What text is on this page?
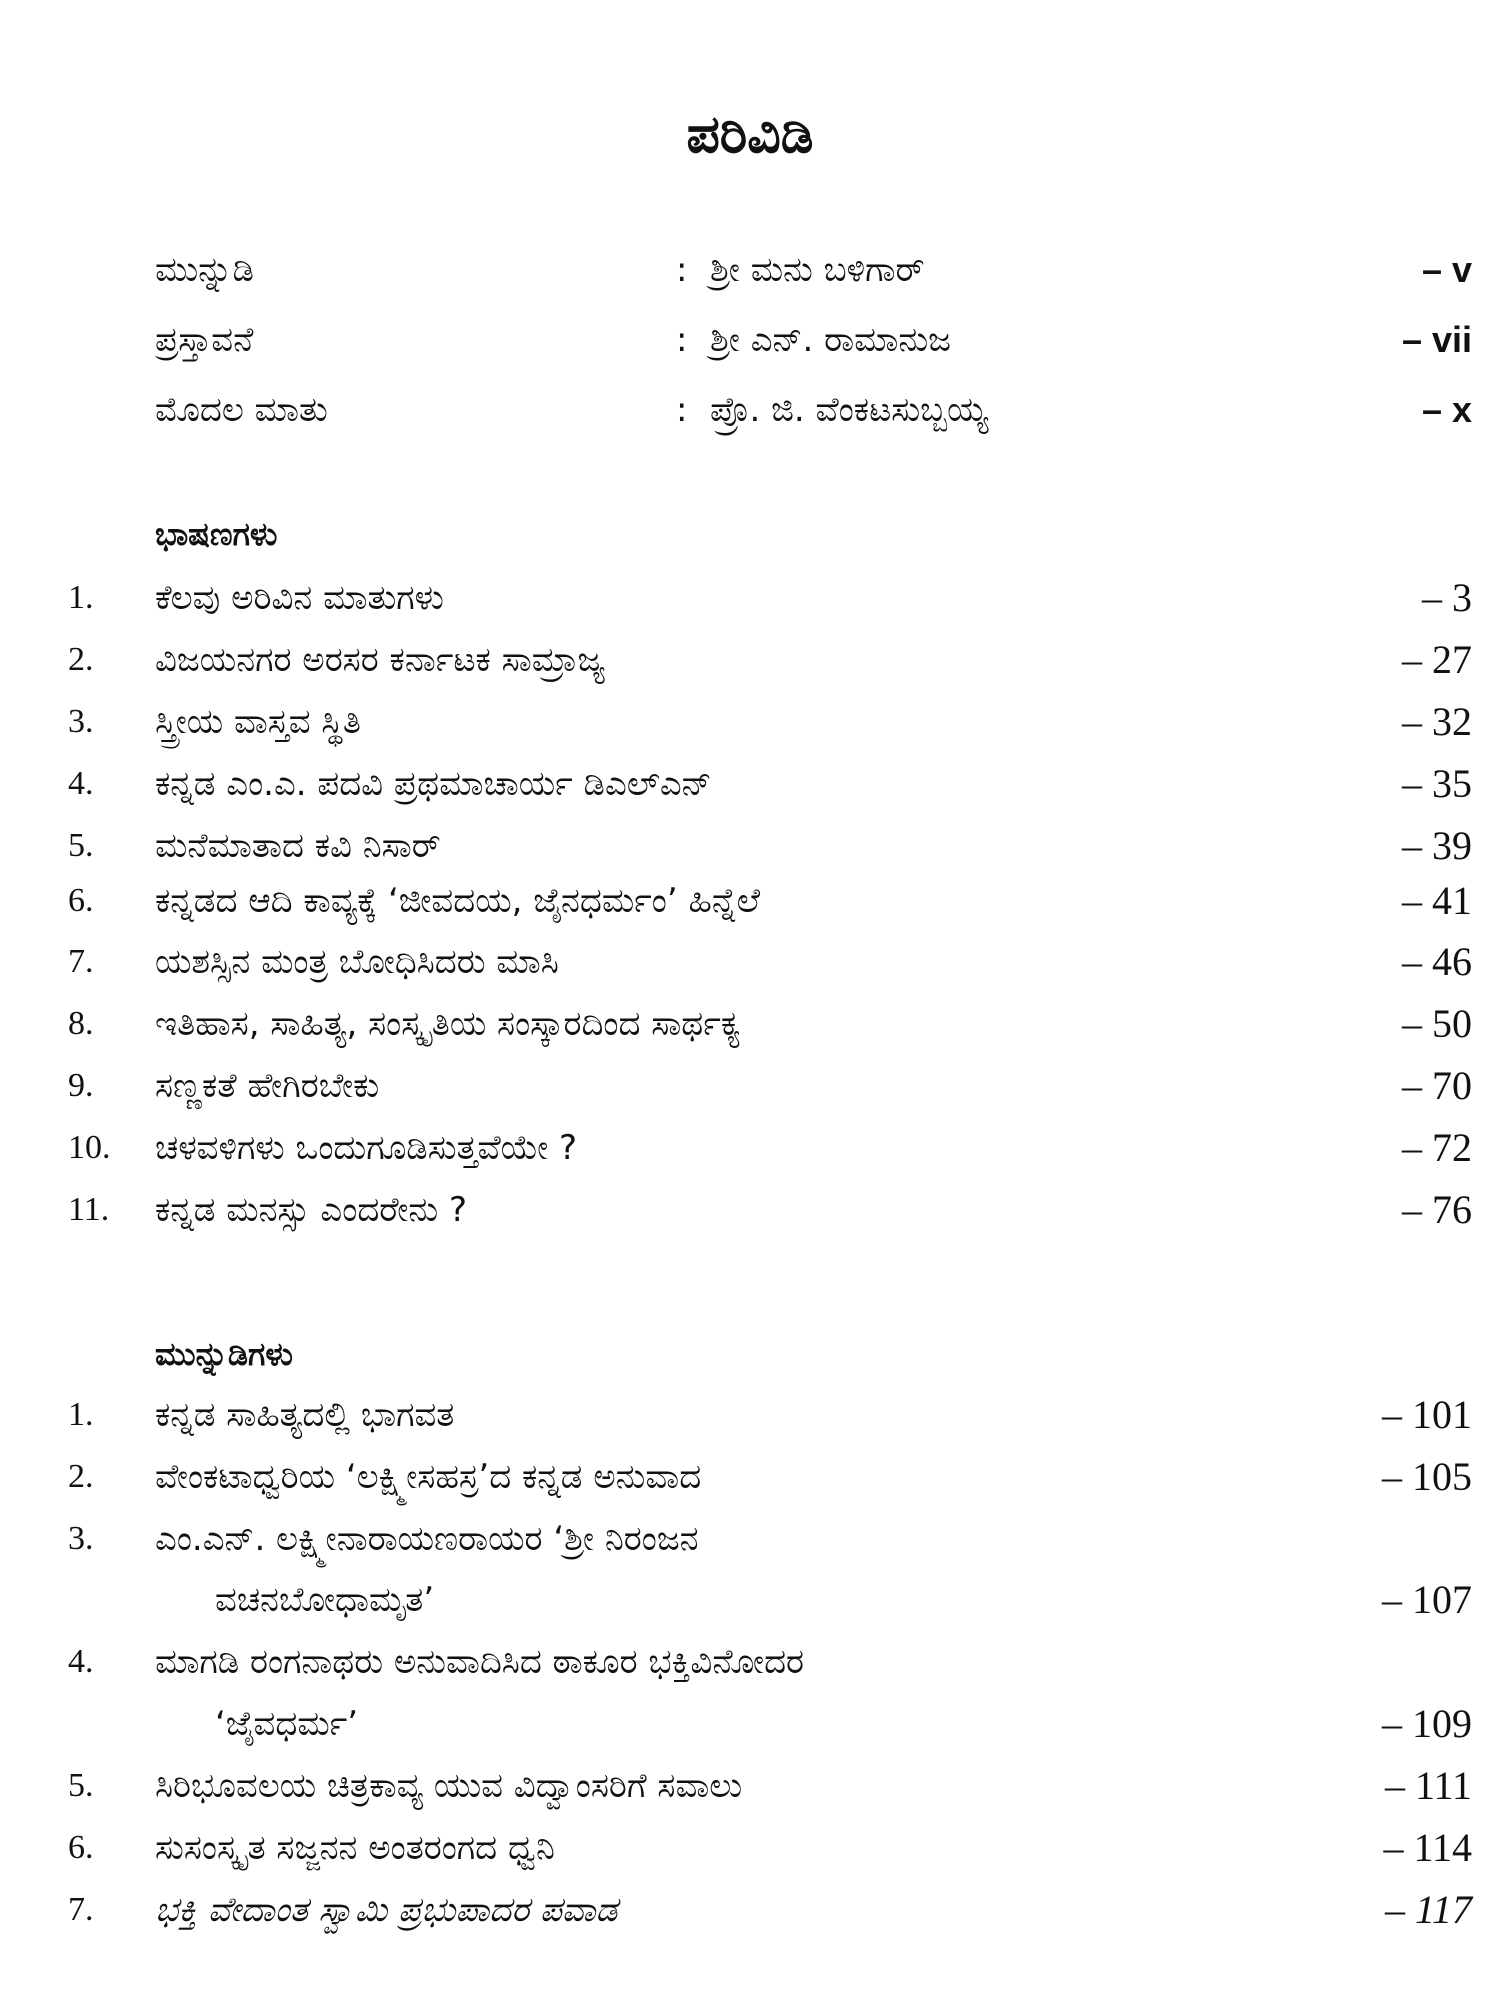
ಪರಿವಿಡಿ
ಮುನ್ನುಡಿ	: ಶ್ರೀ ಮನು ಬಳಿಗಾರ್	– v
ಪ್ರಸ್ತಾವನೆ	: ಶ್ರೀ ಎನ್. ರಾಮಾನುಜ	– vii
ಮೊದಲ ಮಾತು	: ಪ್ರೊ. ಜಿ. ವೆಂಕಟಸುಬ್ಬಯ್ಯ	– x
ಭಾಷಣಗಳು
1. ಕೆಲವು ಅರಿವಿನ ಮಾತುಗಳು	– 3
2. ವಿಜಯನಗರ ಅರಸರ ಕರ್ನಾಟಕ ಸಾಮ್ರಾಜ್ಯ	– 27
3. ಸ್ತ್ರೀಯ ವಾಸ್ತವ ಸ್ಥಿತಿ	– 32
4. ಕನ್ನಡ ಎಂ.ಎ. ಪದವಿ ಪ್ರಥಮಾಚಾರ್ಯ ಡಿಎಲ್ಎನ್	– 35
5. ಮನೆಮಾತಾದ ಕವಿ ನಿಸಾರ್	– 39
6. ಕನ್ನಡದ ಆದಿ ಕಾವ್ಯಕ್ಕೆ ‘ಜೀವದಯ, ಜೈನಧರ್ಮಂ’ ಹಿನ್ನೆಲೆ	– 41
7. ಯಶಸ್ಸಿನ ಮಂತ್ರ ಬೋಧಿಸಿದರು ಮಾಸಿ	– 46
8. ಇತಿಹಾಸ, ಸಾಹಿತ್ಯ, ಸಂಸ್ಕೃತಿಯ ಸಂಸ್ಕಾರದಿಂದ ಸಾರ್ಥಕ್ಯ	– 50
9. ಸಣ್ಣಕತೆ ಹೇಗಿರಬೇಕು	– 70
10. ಚಳವಳಿಗಳು ಒಂದುಗೂಡಿಸುತ್ತವೆಯೇ ?	– 72
11. ಕನ್ನಡ ಮನಸ್ಸು ಎಂದರೇನು ?	– 76
ಮುನ್ನುಡಿಗಳು
1. ಕನ್ನಡ ಸಾಹಿತ್ಯದಲ್ಲಿ ಭಾಗವತ	– 101
2. ವೇಂಕಟಾಧ್ವರಿಯ ‘ಲಕ್ಷ್ಮೀಸಹಸ್ರ’ದ ಕನ್ನಡ ಅನುವಾದ	– 105
3. ಎಂ.ಎನ್. ಲಕ್ಷ್ಮೀನಾರಾಯಣರಾಯರ ‘ಶ್ರೀ ನಿರಂಜನ
ವಚನಬೋಧಾಮೃತ’	– 107
4. ಮಾಗಡಿ ರಂಗನಾಥರು ಅನುವಾದಿಸಿದ ಠಾಕೂರ ಭಕ್ತಿವಿನೋದರ
‘ಜೈವಧರ್ಮ’	– 109
5. ಸಿರಿಭೂವಲಯ ಚಿತ್ರಕಾವ್ಯ ಯುವ ವಿದ್ವಾಂಸರಿಗೆ ಸವಾಲು	– 111
6. ಸುಸಂಸ್ಕೃತ ಸಜ್ಜನನ ಅಂತರಂಗದ ಧ್ವನಿ	– 114
7. ಭಕ್ತಿ ವೇದಾಂತ ಸ್ವಾಮಿ ಪ್ರಭುಪಾದರ ಪವಾಡ	– 117
